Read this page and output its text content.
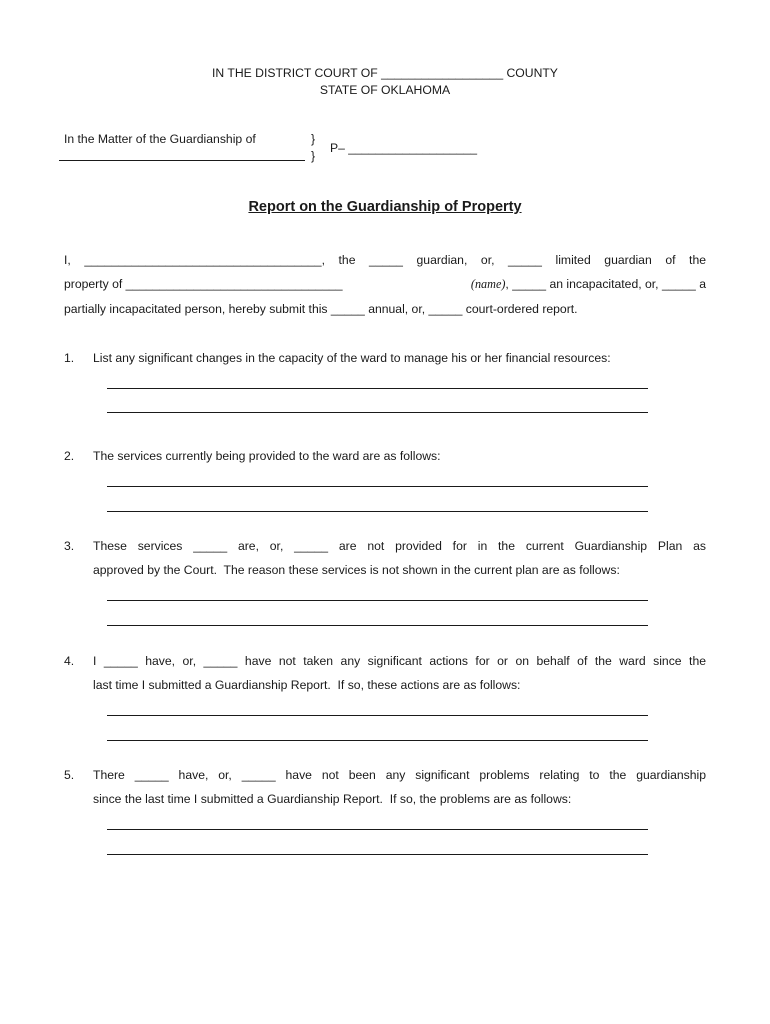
IN THE DISTRICT COURT OF __________________ COUNTY
STATE OF OKLAHOMA
In the Matter of the Guardianship of	}
}
P– ___________________
Report on the Guardianship of Property
I, ___________________________________, the _____ guardian, or, _____ limited guardian of the
property of ________________________________	(name), _____ an incapacitated, or, _____ a
partially incapacitated person, hereby submit this _____ annual, or, _____ court-ordered report.
1. List any significant changes in the capacity of the ward to manage his or her financial resources:
2. The services currently being provided to the ward are as follows:
3. These services _____ are, or, _____ are not provided for in the current Guardianship Plan as
approved by the Court.  The reason these services is not shown in the current plan are as follows:
4. I _____ have, or, _____ have not taken any significant actions for or on behalf of the ward since the
last time I submitted a Guardianship Report.  If so, these actions are as follows:
5. There _____ have, or, _____ have not been any significant problems relating to the guardianship
since the last time I submitted a Guardianship Report.  If so, the problems are as follows:
